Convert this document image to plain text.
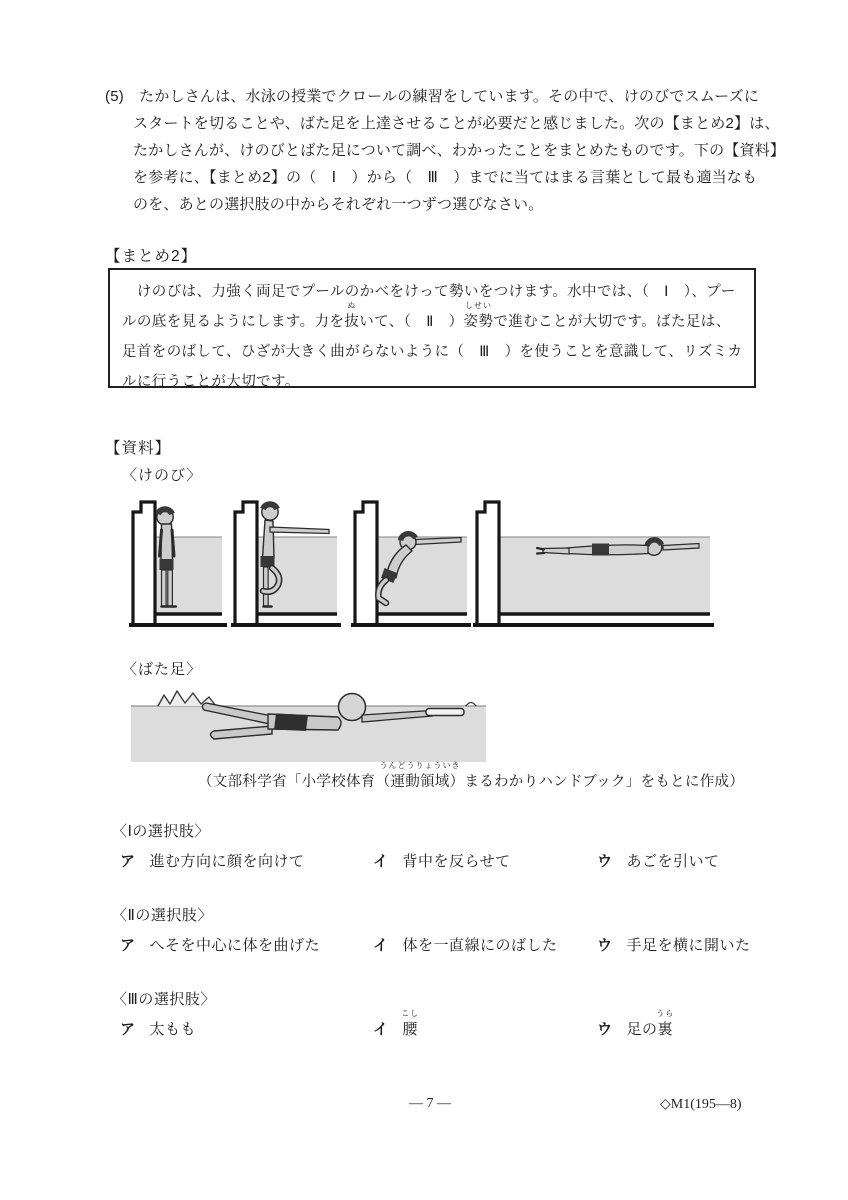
(5)　たかしさんは、水泳の授業でクロールの練習をしています。その中で、けのびでスムーズに
スタートを切ることや、ばた足を上達させることが必要だと感じました。次の【まとめ2】は、
たかしさんが、けのびとばた足について調べ、わかったことをまとめたものです。下の【資料】
を参考に、【まとめ2】の（　Ⅰ　）から（　Ⅲ　）までに当てはまる言葉として最も適当なも
のを、あとの選択肢の中からそれぞれ一つずつ選びなさい。
【まとめ2】
　けのびは、力強く両足でプールのかべをけって勢いをつけます。水中では、（　Ⅰ　）、プー
ルの底を見るようにします。力を抜
ぬ
いて、（　Ⅱ　）姿勢
しせい
で進むことが大切です。ばた足は、
足首をのばして、ひざが大きく曲がらないように（　Ⅲ　）を使うことを意識して、リズミカ
ルに行うことが大切です。
【資料】
〈けのび〉
〈ばた足〉
（文部科学省「小学校体育（運動領域
うんどうりょういき
）まるわかりハンドブック」をもとに作成）
〈Ⅰの選択肢〉
ア 進む方向に顔を向けて	イ 背中を反らせて	ウ あごを引いて
〈Ⅱの選択肢〉
ア へそを中心に体を曲げた	イ 体を一直線にのばした	ウ 手足を横に開いた
〈Ⅲの選択肢〉
ア 太もも	イ 腰
こし
ウ 足の裏
うら
— 7 —	◇M1(195—8)
